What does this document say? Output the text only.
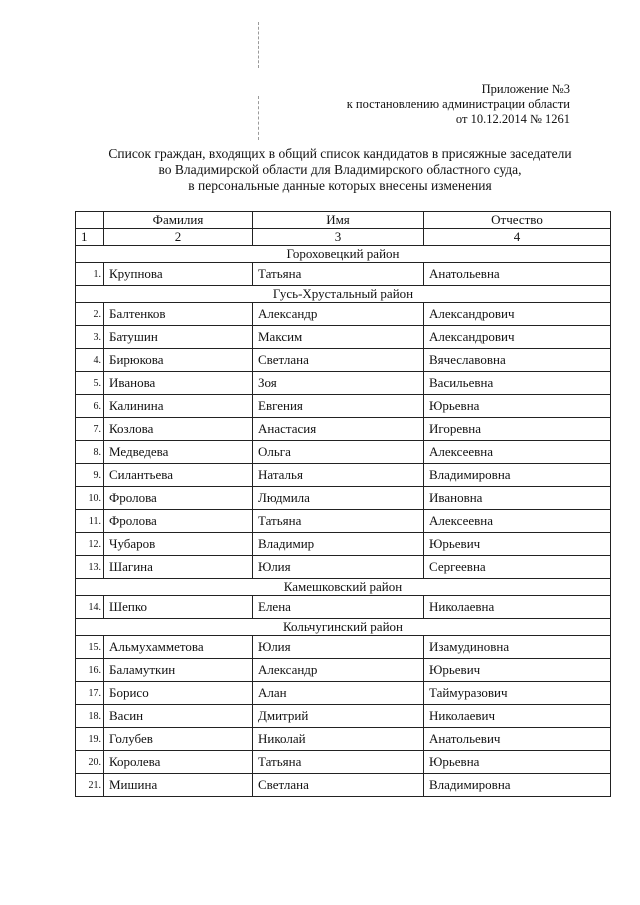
Приложение №3
к постановлению администрации области
от 10.12.2014 № 1261
Список граждан, входящих в общий список кандидатов в присяжные заседатели
во Владимирской области для Владимирского областного суда,
в персональные данные которых внесены изменения
	Фамилия	Имя	Отчество
1	2	3	4
Гороховецкий район			
1.	Крупнова	Татьяна	Анатольевна
Гусь-Хрустальный район			
2.	Балтенков	Александр	Александрович
3.	Батушин	Максим	Александрович
4.	Бирюкова	Светлана	Вячеславовна
5.	Иванова	Зоя	Васильевна
6.	Калинина	Евгения	Юрьевна
7.	Козлова	Анастасия	Игоревна
8.	Медведева	Ольга	Алексеевна
9.	Силантьева	Наталья	Владимировна
10.	Фролова	Людмила	Ивановна
11.	Фролова	Татьяна	Алексеевна
12.	Чубаров	Владимир	Юрьевич
13.	Шагина	Юлия	Сергеевна
Камешковский район			
14.	Шепко	Елена	Николаевна
Кольчугинский район			
15.	Альмухамметова	Юлия	Изамудиновна
16.	Баламуткин	Александр	Юрьевич
17.	Борисо	Алан	Таймуразович
18.	Васин	Дмитрий	Николаевич
19.	Голубев	Николай	Анатольевич
20.	Королева	Татьяна	Юрьевна
21.	Мишина	Светлана	Владимировна
